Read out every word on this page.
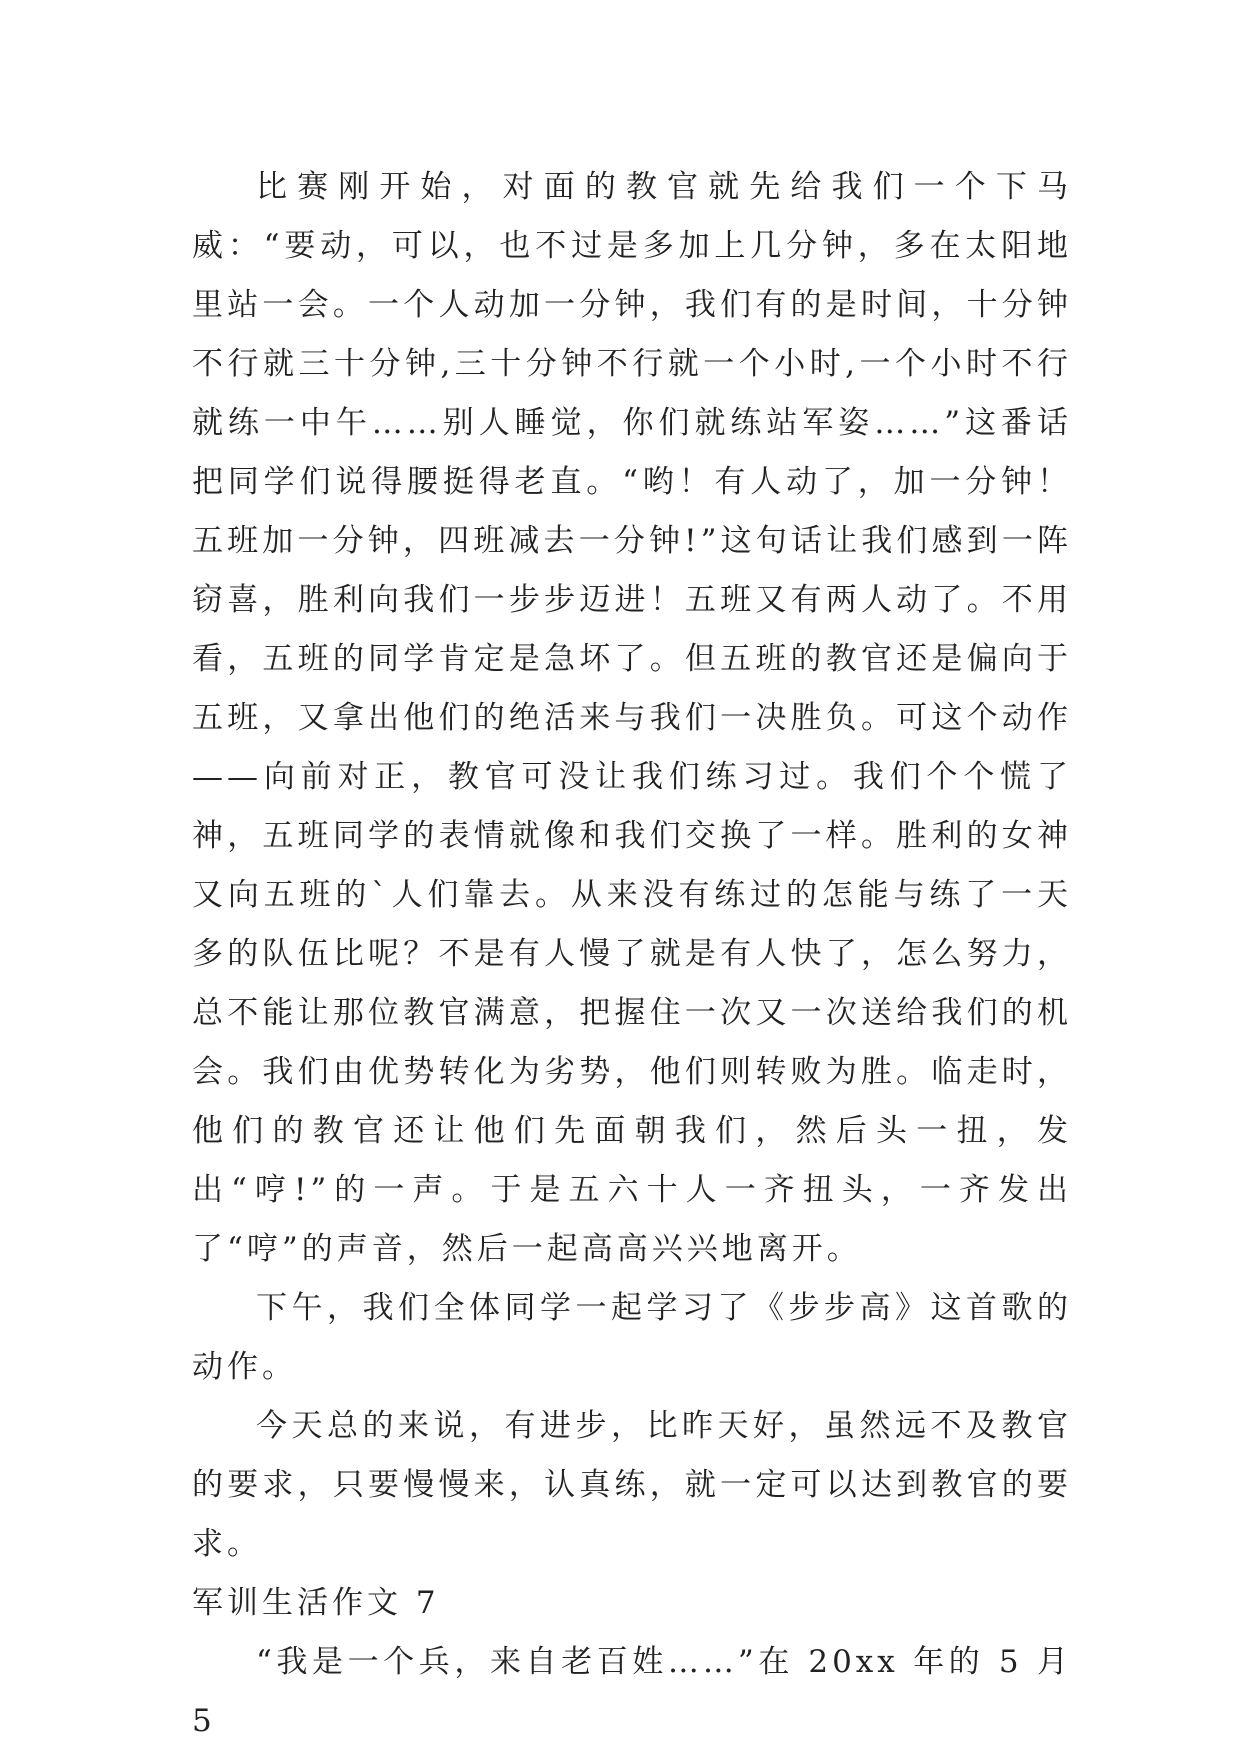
比赛刚开始，对面的教官就先给我们一个下马威：“要动，可以，也不过是多加上几分钟，多在太阳地里站一会。一个人动加一分钟，我们有的是时间，十分钟不行就三十分钟,三十分钟不行就一个小时,一个小时不行就练一中午……别人睡觉，你们就练站军姿……”这番话把同学们说得腰挺得老直。“哟！有人动了，加一分钟！五班加一分钟，四班减去一分钟!”这句话让我们感到一阵窃喜，胜利向我们一步步迈进！五班又有两人动了。不用看，五班的同学肯定是急坏了。但五班的教官还是偏向于五班，又拿出他们的绝活来与我们一决胜负。可这个动作——向前对正，教官可没让我们练习过。我们个个慌了神，五班同学的表情就像和我们交换了一样。胜利的女神又向五班的`人们靠去。从来没有练过的怎能与练了一天多的队伍比呢？不是有人慢了就是有人快了，怎么努力，总不能让那位教官满意，把握住一次又一次送给我们的机会。我们由优势转化为劣势，他们则转败为胜。临走时，他们的教官还让他们先面朝我们，然后头一扭，发出“哼!”的一声。于是五六十人一齐扭头，一齐发出了“哼”的声音，然后一起高高兴兴地离开。

下午，我们全体同学一起学习了《步步高》这首歌的动作。

今天总的来说，有进步，比昨天好，虽然远不及教官的要求，只要慢慢来，认真练，就一定可以达到教官的要求。

军训生活作文 7

“我是一个兵，来自老百姓……”在 20xx 年的 5 月 5
